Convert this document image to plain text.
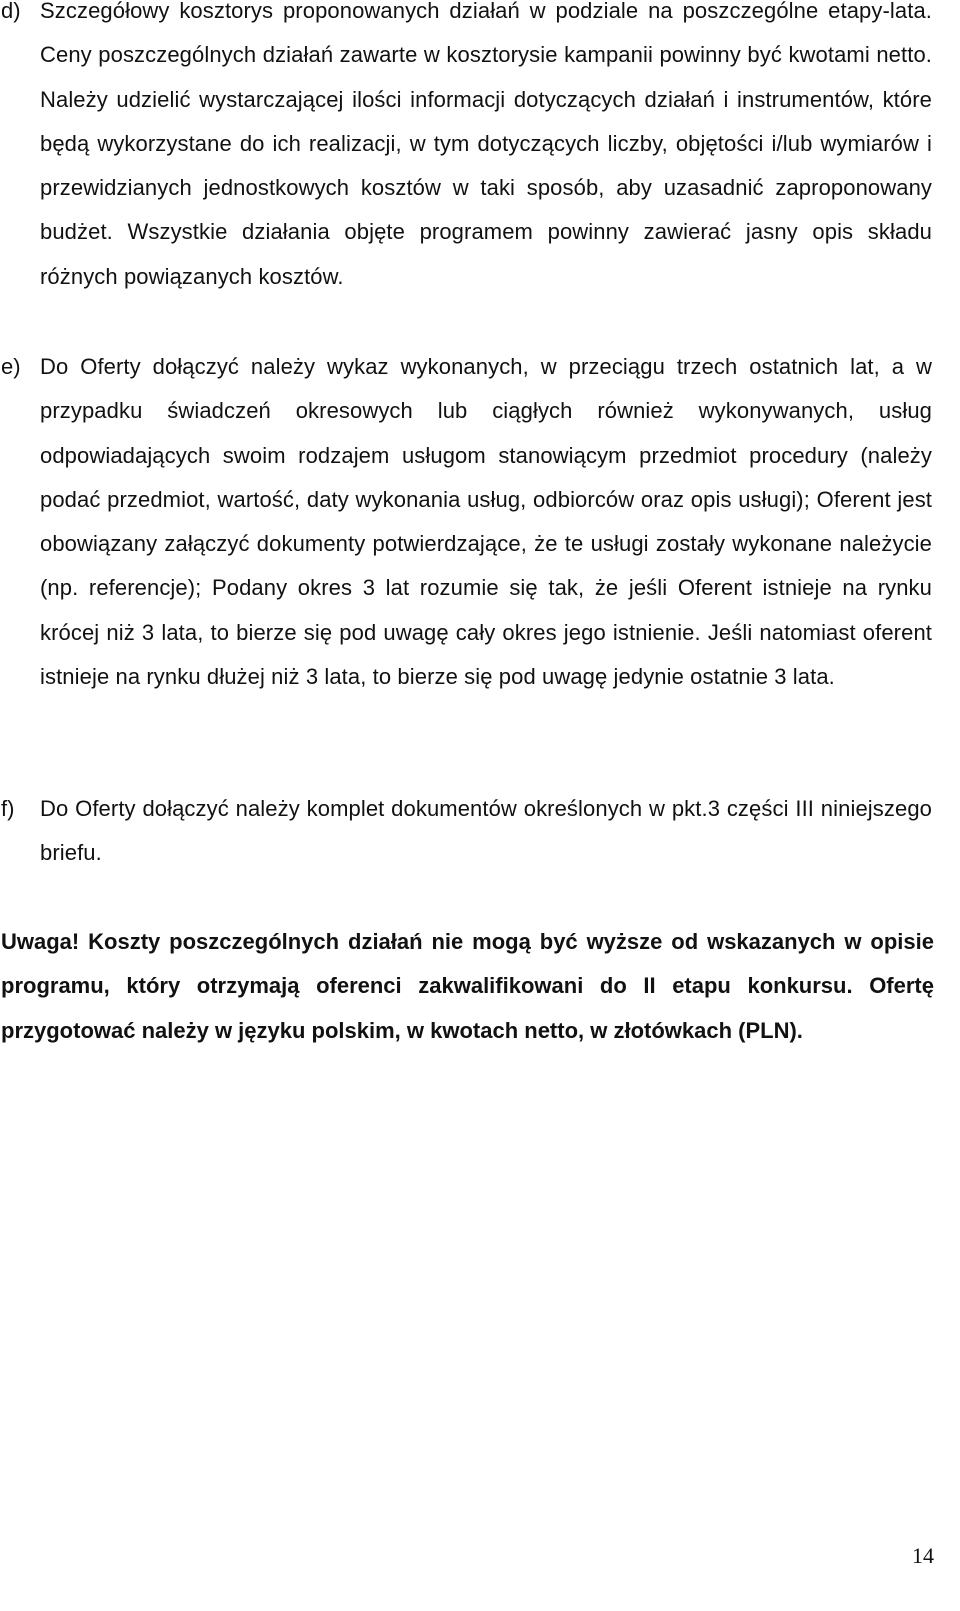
d) Szczegółowy kosztorys proponowanych działań w podziale na poszczególne etapy-lata. Ceny poszczególnych działań zawarte w kosztorysie kampanii powinny być kwotami netto. Należy udzielić wystarczającej ilości informacji dotyczących działań i instrumentów, które będą wykorzystane do ich realizacji, w tym dotyczących liczby, objętości i/lub wymiarów i przewidzianych jednostkowych kosztów w taki sposób, aby uzasadnić zaproponowany budżet. Wszystkie działania objęte programem powinny zawierać jasny opis składu różnych powiązanych kosztów.
e) Do Oferty dołączyć należy wykaz wykonanych, w przeciągu trzech ostatnich lat, a w przypadku świadczeń okresowych lub ciągłych również wykonywanych, usług odpowiadających swoim rodzajem usługom stanowiącym przedmiot procedury (należy podać przedmiot, wartość, daty wykonania usług, odbiorców oraz opis usługi); Oferent jest obowiązany załączyć dokumenty potwierdzające, że te usługi zostały wykonane należycie (np. referencje); Podany okres 3 lat rozumie się tak, że jeśli Oferent istnieje na rynku krócej niż 3 lata, to bierze się pod uwagę cały okres jego istnienie. Jeśli natomiast oferent istnieje na rynku dłużej niż 3 lata, to bierze się pod uwagę jedynie ostatnie 3 lata.
f) Do Oferty dołączyć należy komplet dokumentów określonych w pkt.3 części III niniejszego briefu.
Uwaga! Koszty poszczególnych działań nie mogą być wyższe od wskazanych w opisie programu, który otrzymają oferenci zakwalifikowani do II etapu konkursu. Ofertę przygotować należy w języku polskim, w kwotach netto, w złotówkach (PLN).
14
